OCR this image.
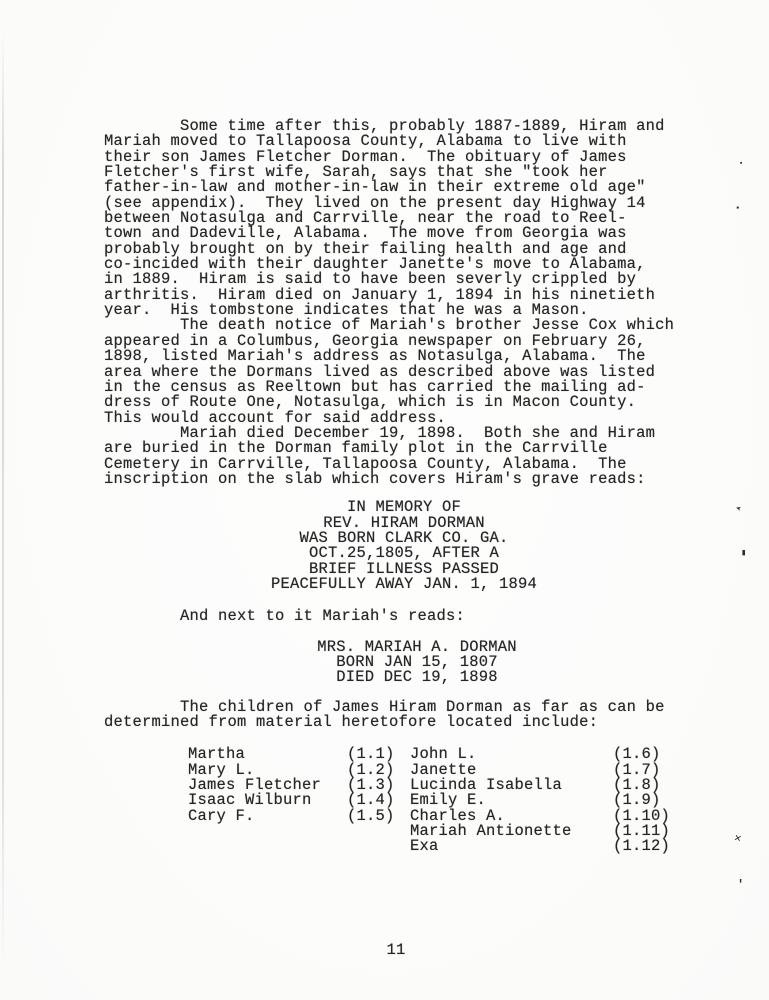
Some time after this, probably 1887-1889, Hiram and
Mariah moved to Tallapoosa County, Alabama to live with
their son James Fletcher Dorman.  The obituary of James
Fletcher's first wife, Sarah, says that she "took her
father-in-law and mother-in-law in their extreme old age"
(see appendix).  They lived on the present day Highway 14
between Notasulga and Carrville, near the road to Reel-
town and Dadeville, Alabama.  The move from Georgia was
probably brought on by their failing health and age and
co-incided with their daughter Janette's move to Alabama,
in 1889.  Hiram is said to have been severly crippled by
arthritis.  Hiram died on January 1, 1894 in his ninetieth
year.  His tombstone indicates that he was a Mason.
The death notice of Mariah's brother Jesse Cox which
appeared in a Columbus, Georgia newspaper on February 26,
1898, listed Mariah's address as Notasulga, Alabama.  The
area where the Dormans lived as described above was listed
in the census as Reeltown but has carried the mailing ad-
dress of Route One, Notasulga, which is in Macon County.
This would account for said address.
Mariah died December 19, 1898.  Both she and Hiram
are buried in the Dorman family plot in the Carrville
Cemetery in Carrville, Tallapoosa County, Alabama.  The
inscription on the slab which covers Hiram's grave reads:
IN MEMORY OF
REV. HIRAM DORMAN
WAS BORN CLARK CO. GA.
OCT.25,1805, AFTER A
BRIEF ILLNESS PASSED
PEACEFULLY AWAY JAN. 1, 1894
And next to it Mariah's reads:
MRS. MARIAH A. DORMAN
BORN JAN 15, 1807
DIED DEC 19, 1898
The children of James Hiram Dorman as far as can be
determined from material heretofore located include:
Martha	(1.1) John L.	(1.6)
Mary L.	(1.2) Janette	(1.7)
James Fletcher	(1.3) Lucinda Isabella	(1.8)
Isaac Wilburn	(1.4) Emily E.	(1.9)
Cary F.	(1.5) Charles A.	(1.10)
Mariah Antionette	(1.11)
Exa	(1.12)
11
▪
▪
➤
▮
×
'
